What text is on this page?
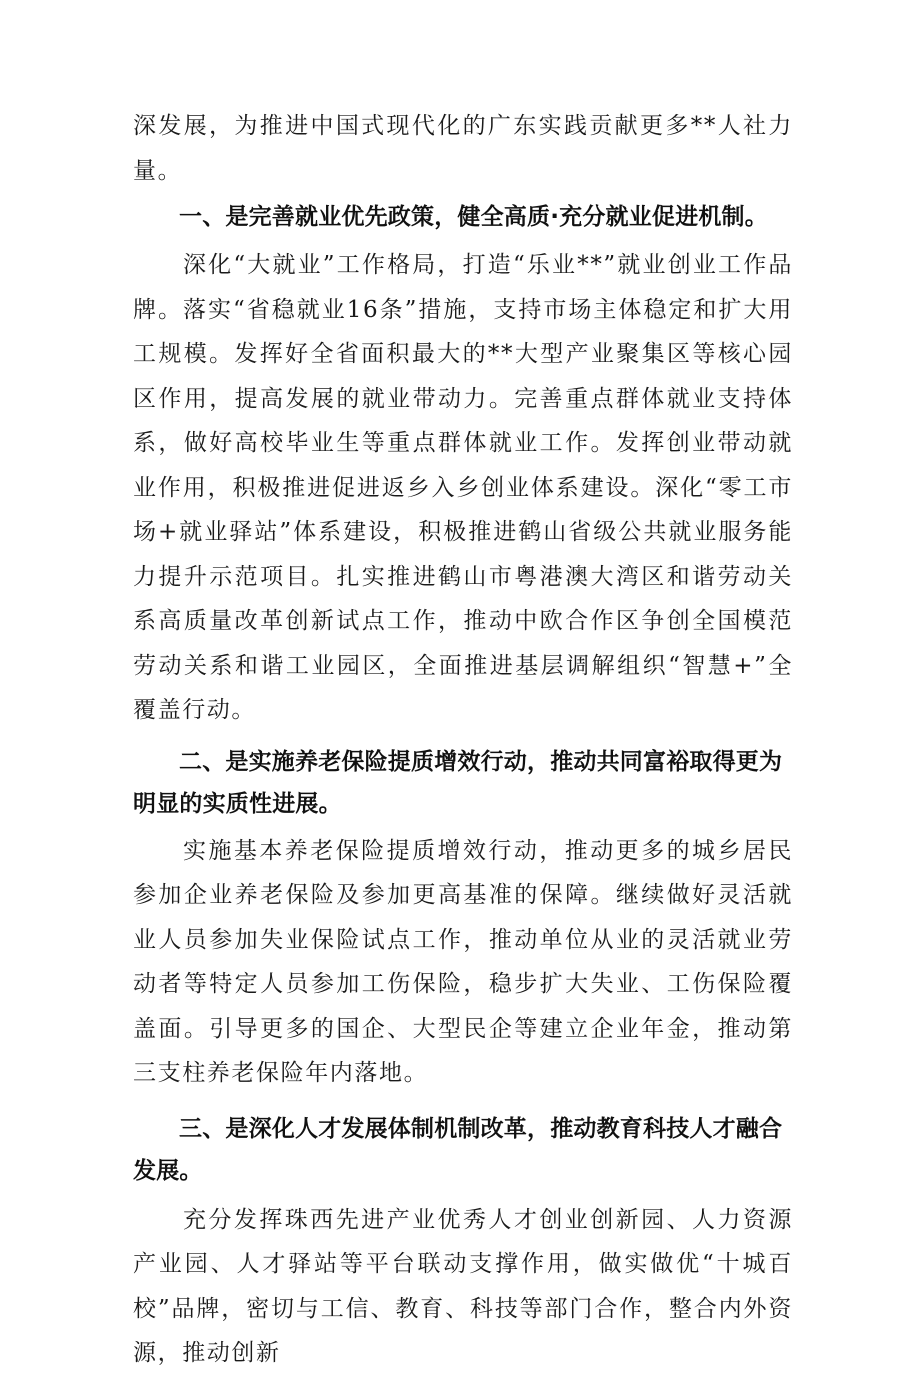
深发展，为推进中国式现代化的广东实践贡献更多**人社力量。

一、是完善就业优先政策，健全高质·充分就业促进机制。

深化“大就业”工作格局，打造“乐业**”就业创业工作品牌。落实“省稳就业16条”措施，支持市场主体稳定和扩大用工规模。发挥好全省面积最大的**大型产业聚集区等核心园区作用，提高发展的就业带动力。完善重点群体就业支持体系，做好高校毕业生等重点群体就业工作。发挥创业带动就业作用，积极推进促进返乡入乡创业体系建设。深化“零工市场+就业驿站”体系建设，积极推进鹤山省级公共就业服务能力提升示范项目。扎实推进鹤山市粤港澳大湾区和谐劳动关系高质量改革创新试点工作，推动中欧合作区争创全国模范劳动关系和谐工业园区，全面推进基层调解组织“智慧+”全覆盖行动。

二、是实施养老保险提质增效行动，推动共同富裕取得更为明显的实质性进展。

实施基本养老保险提质增效行动，推动更多的城乡居民参加企业养老保险及参加更高基准的保障。继续做好灵活就业人员参加失业保险试点工作，推动单位从业的灵活就业劳动者等特定人员参加工伤保险，稳步扩大失业、工伤保险覆盖面。引导更多的国企、大型民企等建立企业年金，推动第三支柱养老保险年内落地。

三、是深化人才发展体制机制改革，推动教育科技人才融合发展。

充分发挥珠西先进产业优秀人才创业创新园、人力资源产业园、人才驿站等平台联动支撑作用，做实做优“十城百校”品牌，密切与工信、教育、科技等部门合作，整合内外资源，推动创新
